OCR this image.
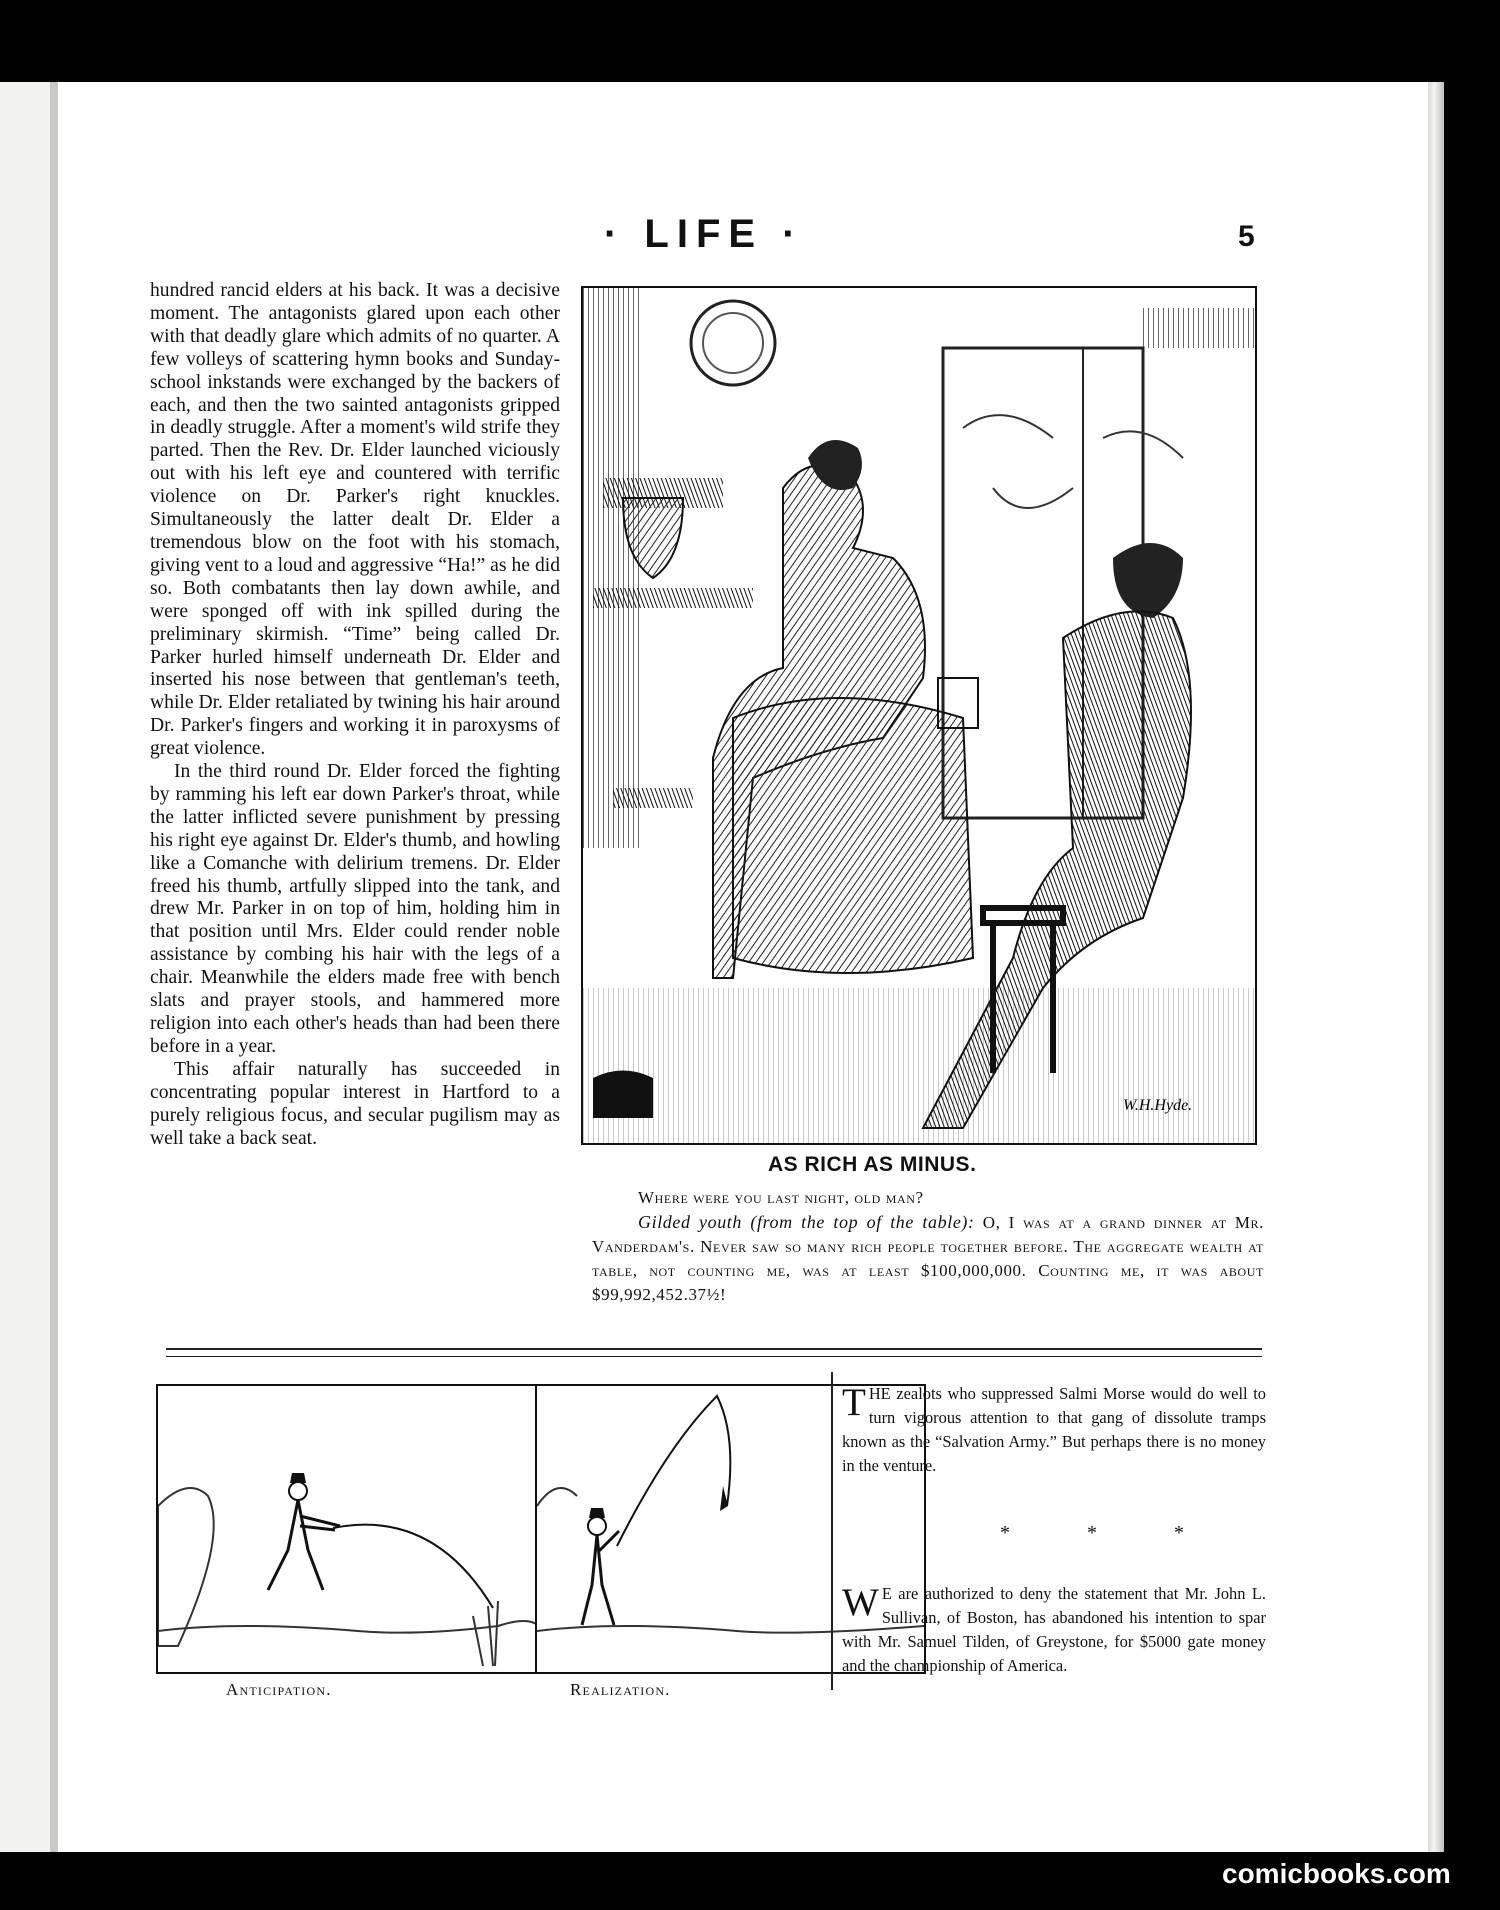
· LIFE ·	5

hundred rancid elders at his back. It was a decisive moment. The antagonists glared upon each other with that deadly glare which admits of no quarter. A few volleys of scattering hymn books and Sunday-school inkstands were exchanged by the backers of each, and then the two sainted antagonists gripped in deadly struggle. After a moment's wild strife they parted. Then the Rev. Dr. Elder launched viciously out with his left eye and countered with terrific violence on Dr. Parker's right knuckles. Simultaneously the latter dealt Dr. Elder a tremendous blow on the foot with his stomach, giving vent to a loud and aggressive “Ha!” as he did so. Both combatants then lay down awhile, and were sponged off with ink spilled during the preliminary skirmish. “Time” being called Dr. Parker hurled himself underneath Dr. Elder and inserted his nose between that gentleman's teeth, while Dr. Elder retaliated by twining his hair around Dr. Parker's fingers and working it in paroxysms of great violence.

In the third round Dr. Elder forced the fighting by ramming his left ear down Parker's throat, while the latter inflicted severe punishment by pressing his right eye against Dr. Elder's thumb, and howling like a Comanche with delirium tremens. Dr. Elder freed his thumb, artfully slipped into the tank, and drew Mr. Parker in on top of him, holding him in that position until Mrs. Elder could render noble assistance by combing his hair with the legs of a chair. Meanwhile the elders made free with bench slats and prayer stools, and hammered more religion into each other's heads than had been there before in a year.

This affair naturally has succeeded in concentrating popular interest in Hartford to a purely religious focus, and secular pugilism may as well take a back seat.

W.H.Hyde.
AS RICH AS MINUS.
Where were you last night, old man?
Gilded youth (from the top of the table): O, I was at a grand dinner at Mr. Vanderdam's. Never saw so many rich people together before. The aggregate wealth at table, not counting me, was at least $100,000,000. Counting me, it was about $99,992,452.37½!
Anticipation.	Realization.
THE zealots who suppressed Salmi Morse would do well to turn vigorous attention to that gang of dissolute tramps known as the “Salvation Army.” But perhaps there is no money in the venture.
* * *
W E are authorized to deny the statement that Mr. John L. Sullivan, of Boston, has abandoned his intention to spar with Mr. Samuel Tilden, of Greystone, for $5000 gate money and the championship of America.
comicbooks.com
